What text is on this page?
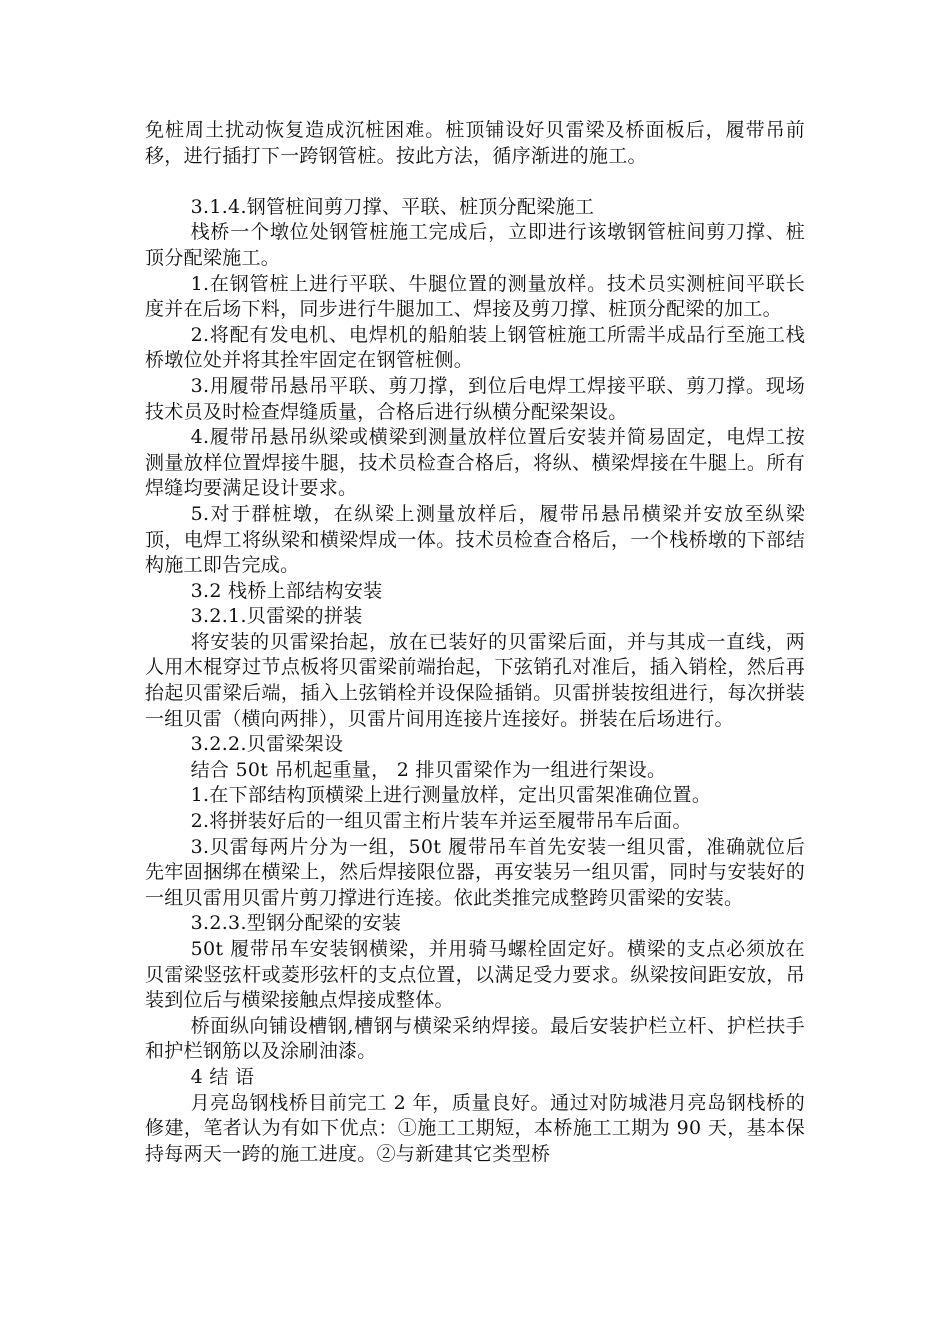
免桩周土扰动恢复造成沉桩困难。桩顶铺设好贝雷梁及桥面板后，履带吊前移，进行插打下一跨钢管桩。按此方法，循序渐进的施工。

3.1.4.钢管桩间剪刀撑、平联、桩顶分配梁施工

栈桥一个墩位处钢管桩施工完成后，立即进行该墩钢管桩间剪刀撑、桩顶分配梁施工。

1.在钢管桩上进行平联、牛腿位置的测量放样。技术员实测桩间平联长度并在后场下料，同步进行牛腿加工、焊接及剪刀撑、桩顶分配梁的加工。

2.将配有发电机、电焊机的船舶装上钢管桩施工所需半成品行至施工栈桥墩位处并将其拴牢固定在钢管桩侧。

3.用履带吊悬吊平联、剪刀撑，到位后电焊工焊接平联、剪刀撑。现场技术员及时检查焊缝质量，合格后进行纵横分配梁架设。

4.履带吊悬吊纵梁或横梁到测量放样位置后安装并简易固定，电焊工按测量放样位置焊接牛腿，技术员检查合格后，将纵、横梁焊接在牛腿上。所有焊缝均要满足设计要求。

5.对于群桩墩，在纵梁上测量放样后，履带吊悬吊横梁并安放至纵梁顶，电焊工将纵梁和横梁焊成一体。技术员检查合格后，一个栈桥墩的下部结构施工即告完成。

3.2 栈桥上部结构安装

3.2.1.贝雷梁的拼装

将安装的贝雷梁抬起，放在已装好的贝雷梁后面，并与其成一直线，两人用木棍穿过节点板将贝雷梁前端抬起，下弦销孔对准后，插入销栓，然后再抬起贝雷梁后端，插入上弦销栓并设保险插销。贝雷拼装按组进行，每次拼装一组贝雷（横向两排），贝雷片间用连接片连接好。拼装在后场进行。

3.2.2.贝雷梁架设

结合 50t 吊机起重量， 2 排贝雷梁作为一组进行架设。

1.在下部结构顶横梁上进行测量放样，定出贝雷架准确位置。

2.将拼装好后的一组贝雷主桁片装车并运至履带吊车后面。

3.贝雷每两片分为一组，50t 履带吊车首先安装一组贝雷，准确就位后先牢固捆绑在横梁上，然后焊接限位器，再安装另一组贝雷，同时与安装好的一组贝雷用贝雷片剪刀撑进行连接。依此类推完成整跨贝雷梁的安装。

3.2.3.型钢分配梁的安装

50t 履带吊车安装钢横梁，并用骑马螺栓固定好。横梁的支点必须放在贝雷梁竖弦杆或菱形弦杆的支点位置，以满足受力要求。纵梁按间距安放，吊装到位后与横梁接触点焊接成整体。

桥面纵向铺设槽钢,槽钢与横梁采纳焊接。最后安装护栏立杆、护栏扶手和护栏钢筋以及涂刷油漆。

4 结 语

月亮岛钢栈桥目前完工 2 年，质量良好。通过对防城港月亮岛钢栈桥的修建，笔者认为有如下优点：①施工工期短，本桥施工工期为 90 天，基本保持每两天一跨的施工进度。②与新建其它类型桥
